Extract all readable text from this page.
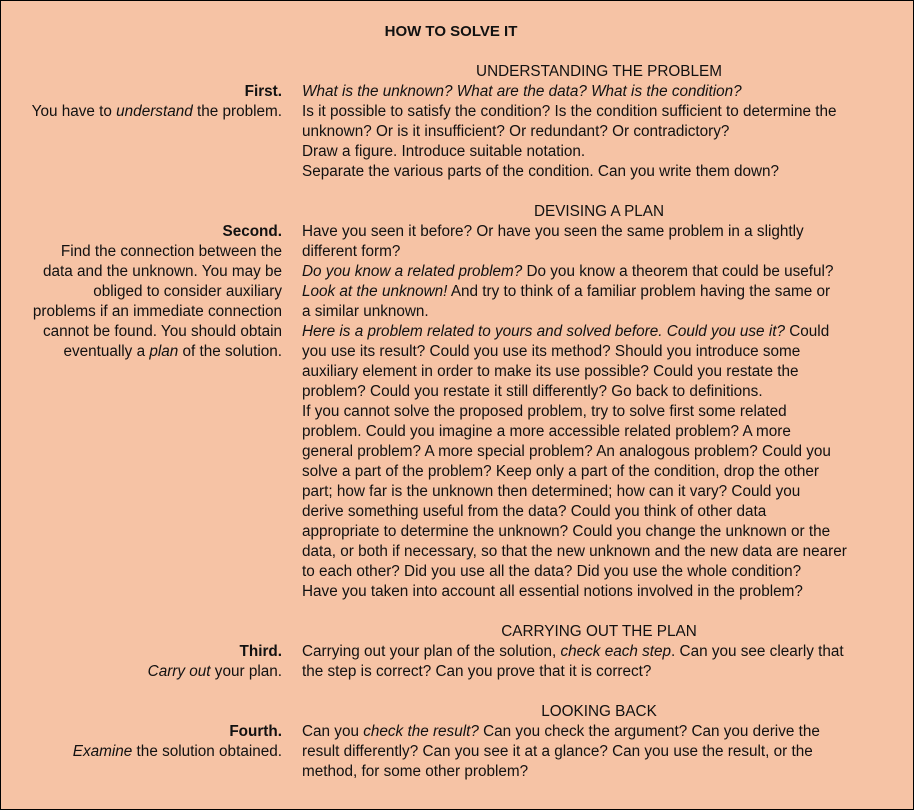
HOW TO SOLVE IT
UNDERSTANDING THE PROBLEM
First.
You have to understand the problem.
What is the unknown? What are the data? What is the condition?
Is it possible to satisfy the condition? Is the condition sufficient to determine the
unknown? Or is it insufficient? Or redundant? Or contradictory?
Draw a figure. Introduce suitable notation.
Separate the various parts of the condition. Can you write them down?
DEVISING A PLAN
Second.
Find the connection between the
data and the unknown. You may be
obliged to consider auxiliary
problems if an immediate connection
cannot be found. You should obtain
eventually a plan of the solution.
Have you seen it before? Or have you seen the same problem in a slightly
different form?
Do you know a related problem? Do you know a theorem that could be useful?
Look at the unknown! And try to think of a familiar problem having the same or
a similar unknown.
Here is a problem related to yours and solved before. Could you use it? Could
you use its result? Could you use its method? Should you introduce some
auxiliary element in order to make its use possible? Could you restate the
problem? Could you restate it still differently? Go back to definitions.
If you cannot solve the proposed problem, try to solve first some related
problem. Could you imagine a more accessible related problem? A more
general problem? A more special problem? An analogous problem? Could you
solve a part of the problem? Keep only a part of the condition, drop the other
part; how far is the unknown then determined; how can it vary? Could you
derive something useful from the data? Could you think of other data
appropriate to determine the unknown? Could you change the unknown or the
data, or both if necessary, so that the new unknown and the new data are nearer
to each other? Did you use all the data? Did you use the whole condition?
Have you taken into account all essential notions involved in the problem?
CARRYING OUT THE PLAN
Third.
Carry out your plan.
Carrying out your plan of the solution, check each step. Can you see clearly that
the step is correct? Can you prove that it is correct?
LOOKING BACK
Fourth.
Examine the solution obtained.
Can you check the result? Can you check the argument? Can you derive the
result differently? Can you see it at a glance? Can you use the result, or the
method, for some other problem?
